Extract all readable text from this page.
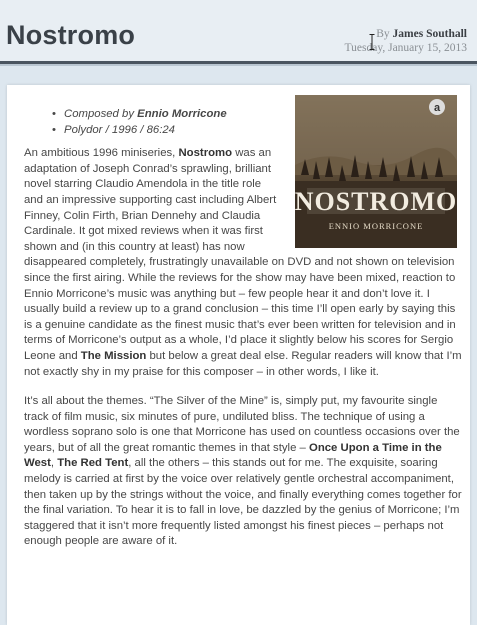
Nostromo	By James Southall
Tuesday, January 15, 2013
NOSTROMO
ENNIO MORRICONE
a
• Composed by Ennio Morricone
• Polydor / 1996 / 86:24

An ambitious 1996 miniseries, Nostromo was an adaptation of Joseph Conrad’s sprawling, brilliant novel starring Claudio Amendola in the title role and an impressive supporting cast including Albert Finney, Colin Firth, Brian Dennehy and Claudia Cardinale. It got mixed reviews when it was first shown and (in this country at least) has now disappeared completely, frustratingly unavailable on DVD and not shown on television since the first airing. While the reviews for the show may have been mixed, reaction to Ennio Morricone’s music was anything but – few people hear it and don’t love it. I usually build a review up to a grand conclusion – this time I’ll open early by saying this is a genuine candidate as the finest music that’s ever been written for television and in terms of Morricone’s output as a whole, I’d place it slightly below his scores for Sergio Leone and The Mission but below a great deal else. Regular readers will know that I’m not exactly shy in my praise for this composer – in other words, I like it.

It’s all about the themes. “The Silver of the Mine” is, simply put, my favourite single track of film music, six minutes of pure, undiluted bliss. The technique of using a wordless soprano solo is one that Morricone has used on countless occasions over the years, but of all the great romantic themes in that style – Once Upon a Time in the West, The Red Tent, all the others – this stands out for me. The exquisite, soaring melody is carried at first by the voice over relatively gentle orchestral accompaniment, then taken up by the strings without the voice, and finally everything comes together for the final variation. To hear it is to fall in love, be dazzled by the genius of Morricone; I’m staggered that it isn’t more frequently listed amongst his finest pieces – perhaps not enough people are aware of it.
